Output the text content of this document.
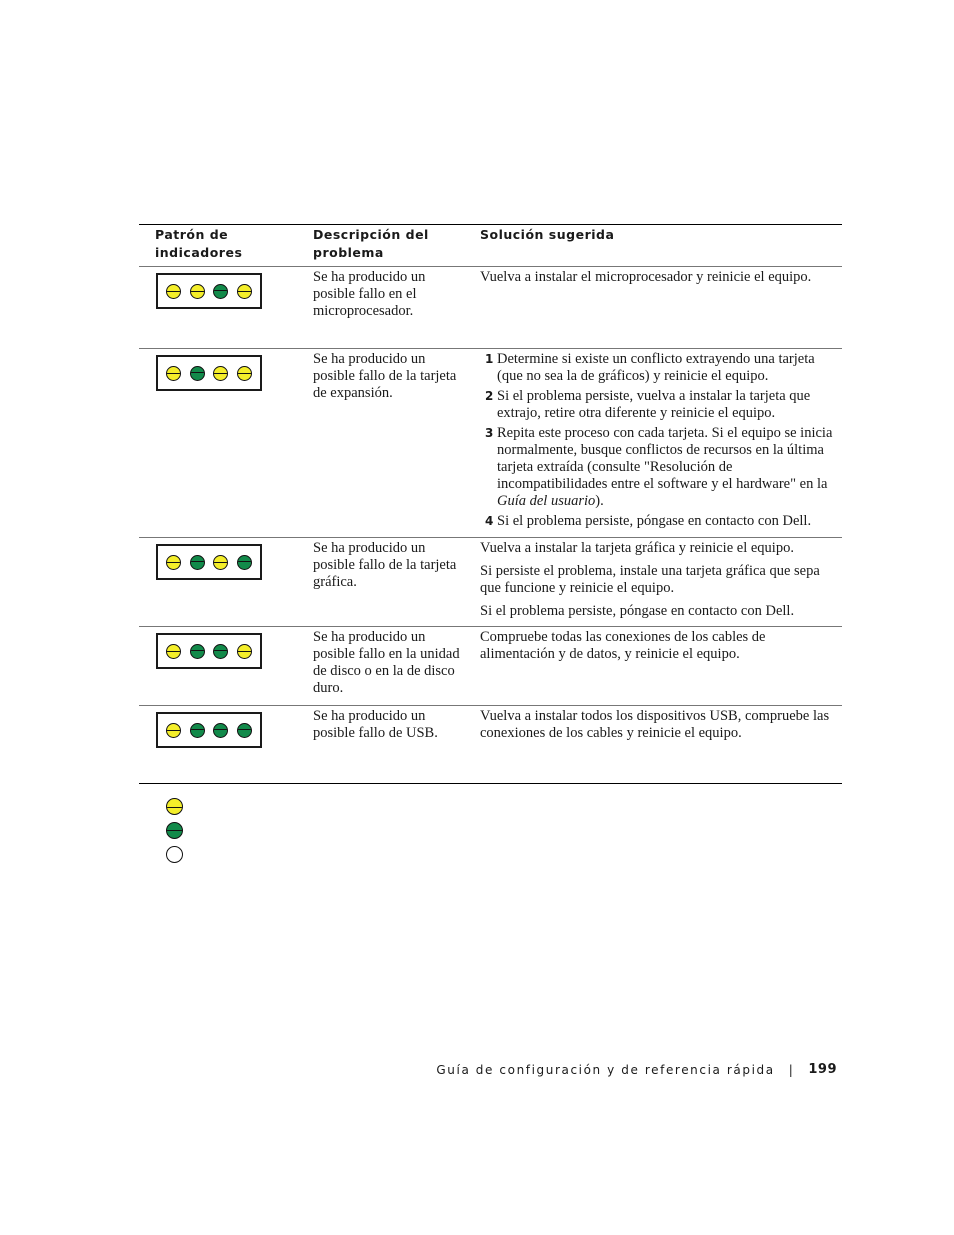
Patrón de indicadores
Descripción del problema
Solución sugerida
Se ha producido un posible fallo en el microprocesador.

Vuelva a instalar el microprocesador y reinicie el equipo.

Se ha producido un posible fallo de la tarjeta de expansión.
1 Determine si existe un conflicto extrayendo una tarjeta (que no sea la de gráficos) y reinicie el equipo.
2 Si el problema persiste, vuelva a instalar la tarjeta que extrajo, retire otra diferente y reinicie el equipo.
3 Repita este proceso con cada tarjeta. Si el equipo se inicia normalmente, busque conflictos de recursos en la última tarjeta extraída (consulte "Resolución de incompatibilidades entre el software y el hardware" en la Guía del usuario).
4 Si el problema persiste, póngase en contacto con Dell.
Se ha producido un posible fallo de la tarjeta gráfica.

Vuelva a instalar la tarjeta gráfica y reinicie el equipo.

Si persiste el problema, instale una tarjeta gráfica que sepa que funcione y reinicie el equipo.

Si el problema persiste, póngase en contacto con Dell.

Se ha producido un posible fallo en la unidad de disco o en la de disco duro.

Compruebe todas las conexiones de los cables de alimentación y de datos, y reinicie el equipo.

Se ha producido un posible fallo de USB.

Vuelva a instalar todos los dispositivos USB, compruebe las conexiones de los cables y reinicie el equipo.

Guía de configuración y de referencia rápida | 199
